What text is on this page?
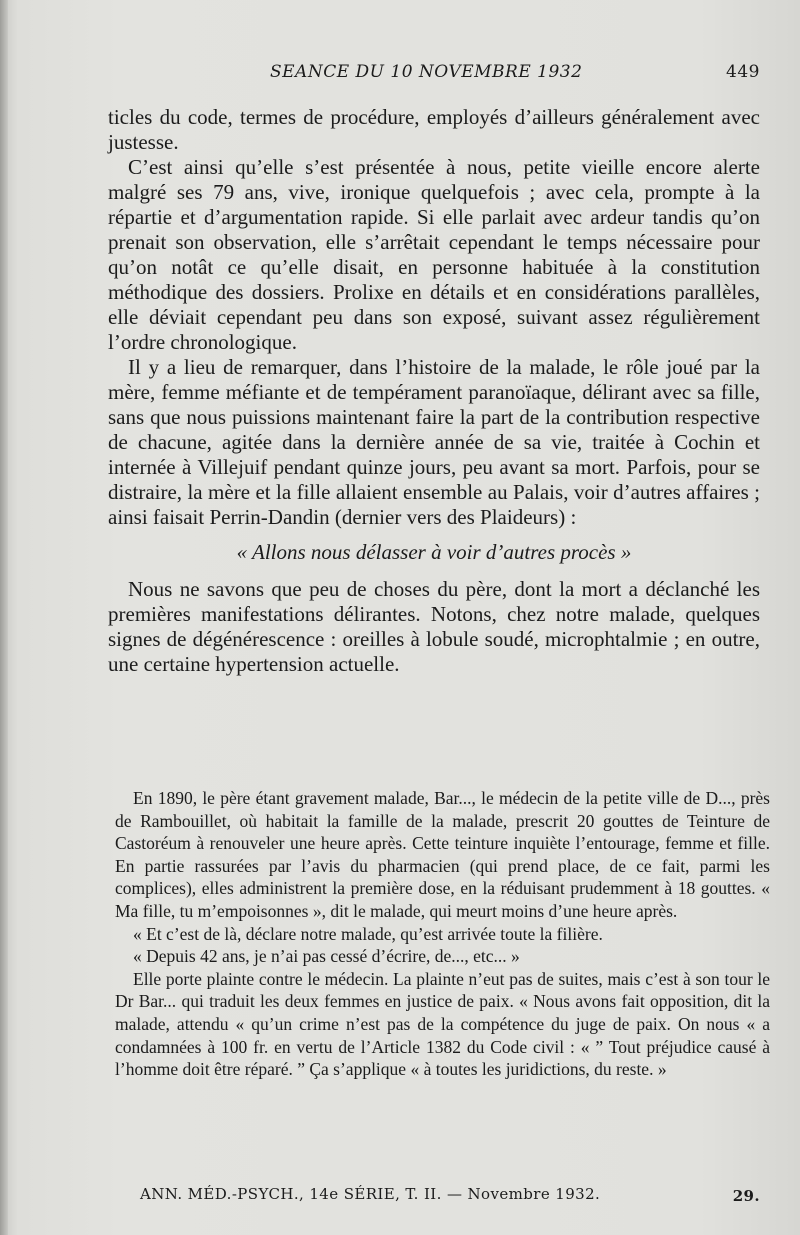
SEANCE DU 10 NOVEMBRE 1932	449

ticles du code, termes de procédure, employés d’ailleurs généralement avec justesse.

C’est ainsi qu’elle s’est présentée à nous, petite vieille encore alerte malgré ses 79 ans, vive, ironique quelquefois ; avec cela, prompte à la répartie et d’argumentation rapide. Si elle parlait avec ardeur tandis qu’on prenait son observation, elle s’arrêtait cependant le temps nécessaire pour qu’on notât ce qu’elle disait, en personne habituée à la constitution méthodique des dossiers. Prolixe en détails et en considérations parallèles, elle déviait cependant peu dans son exposé, suivant assez régulièrement l’ordre chronologique.

Il y a lieu de remarquer, dans l’histoire de la malade, le rôle joué par la mère, femme méfiante et de tempérament paranoïaque, délirant avec sa fille, sans que nous puissions maintenant faire la part de la contribution respective de chacune, agitée dans la dernière année de sa vie, traitée à Cochin et internée à Villejuif pendant quinze jours, peu avant sa mort. Parfois, pour se distraire, la mère et la fille allaient ensemble au Palais, voir d’autres affaires ; ainsi faisait Perrin-Dandin (dernier vers des Plaideurs) :

« Allons nous délasser à voir d’autres procès »

Nous ne savons que peu de choses du père, dont la mort a déclanché les premières manifestations délirantes. Notons, chez notre malade, quelques signes de dégénérescence : oreilles à lobule soudé, microphtalmie ; en outre, une certaine hypertension actuelle.

En 1890, le père étant gravement malade, Bar..., le médecin de la petite ville de D..., près de Rambouillet, où habitait la famille de la malade, prescrit 20 gouttes de Teinture de Castoréum à renouveler une heure après. Cette teinture inquiète l’entourage, femme et fille. En partie rassurées par l’avis du pharmacien (qui prend place, de ce fait, parmi les complices), elles administrent la première dose, en la réduisant prudemment à 18 gouttes. « Ma fille, tu m’empoisonnes », dit le malade, qui meurt moins d’une heure après.

« Et c’est de là, déclare notre malade, qu’est arrivée toute la filière.

« Depuis 42 ans, je n’ai pas cessé d’écrire, de..., etc... »

Elle porte plainte contre le médecin. La plainte n’eut pas de suites, mais c’est à son tour le Dr Bar... qui traduit les deux femmes en justice de paix. « Nous avons fait opposition, dit la malade, attendu « qu’un crime n’est pas de la compétence du juge de paix. On nous « a condamnées à 100 fr. en vertu de l’Article 1382 du Code civil : « ” Tout préjudice causé à l’homme doit être réparé. ” Ça s’applique « à toutes les juridictions, du reste. »

ANN. MÉD.-PSYCH., 14e SÉRIE, T. II. — Novembre 1932.	29.
